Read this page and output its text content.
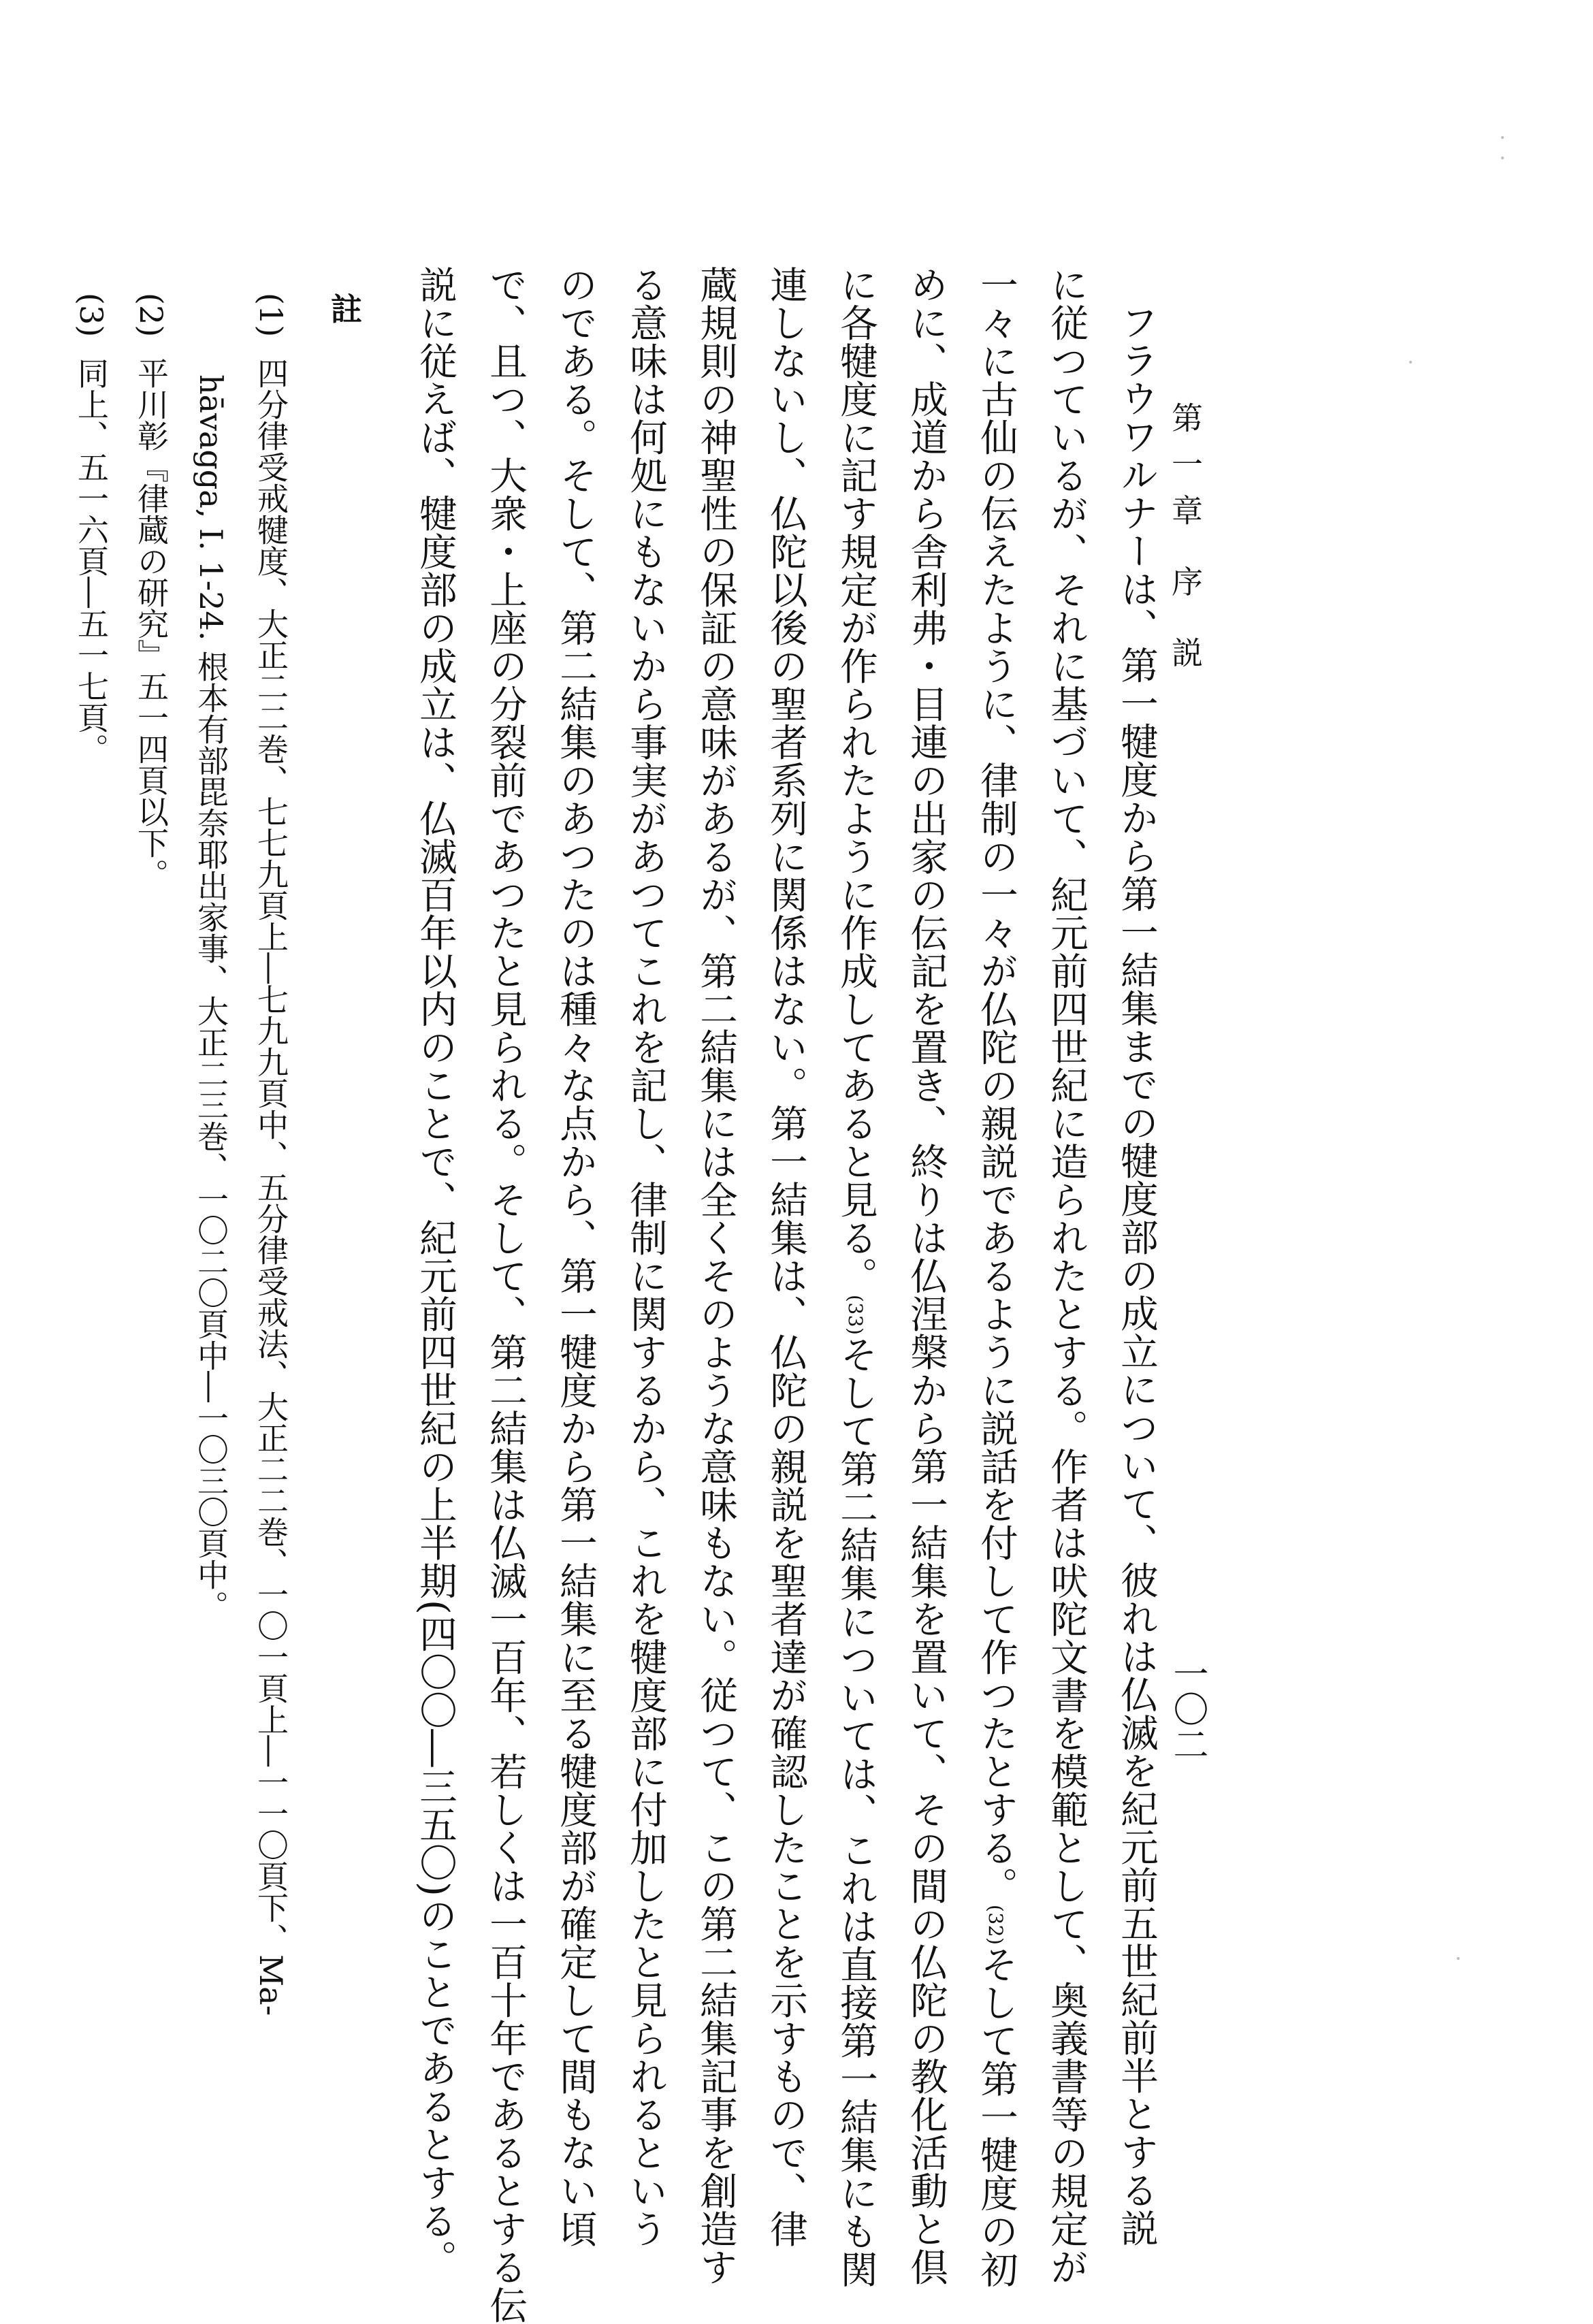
第一章 序 説
一〇二
フラウワルナーは、第一犍度から第一結集までの犍度部の成立について、彼れは仏滅を紀元前五世紀前半とする説
に従つているが、それに基づいて、紀元前四世紀に造られたとする。作者は吠陀文書を模範として、奥義書等の規定が
一々に古仙の伝えたように、律制の一々が仏陀の親説であるように説話を付して作つたとする。(32)そして第一犍度の初
めに、成道から舎利弗・目連の出家の伝記を置き、終りは仏涅槃から第一結集を置いて、その間の仏陀の教化活動と倶
に各犍度に記す規定が作られたように作成してあると見る。(33)そして第二結集については、これは直接第一結集にも関
連しないし、仏陀以後の聖者系列に関係はない。第一結集は、仏陀の親説を聖者達が確認したことを示すもので、律
蔵規則の神聖性の保証の意味があるが、第二結集には全くそのような意味もない。従つて、この第二結集記事を創造す
る意味は何処にもないから事実があつてこれを記し、律制に関するから、これを犍度部に付加したと見られるという
のである。そして、第二結集のあつたのは種々な点から、第一犍度から第一結集に至る犍度部が確定して間もない頃
で、且つ、大衆・上座の分裂前であつたと見られる。そして、第二結集は仏滅一百年、若しくは一百十年であるとする伝
説に従えば、犍度部の成立は、仏滅百年以内のことで、紀元前四世紀の上半期(四〇〇―三五〇)のことであるとする。
註
(1)四分律受戒犍度、大正二二巻、七七九頁上―七九九頁中、五分律受戒法、大正二二巻、一〇一頁上―一一〇頁下、Ma-
hāvagga, I. 1-24. 根本有部毘奈耶出家事、大正二三巻、一〇二〇頁中―一〇三〇頁中。
(2)平川彰『律蔵の研究』五一四頁以下。
(3)同上、五一六頁―五一七頁。
